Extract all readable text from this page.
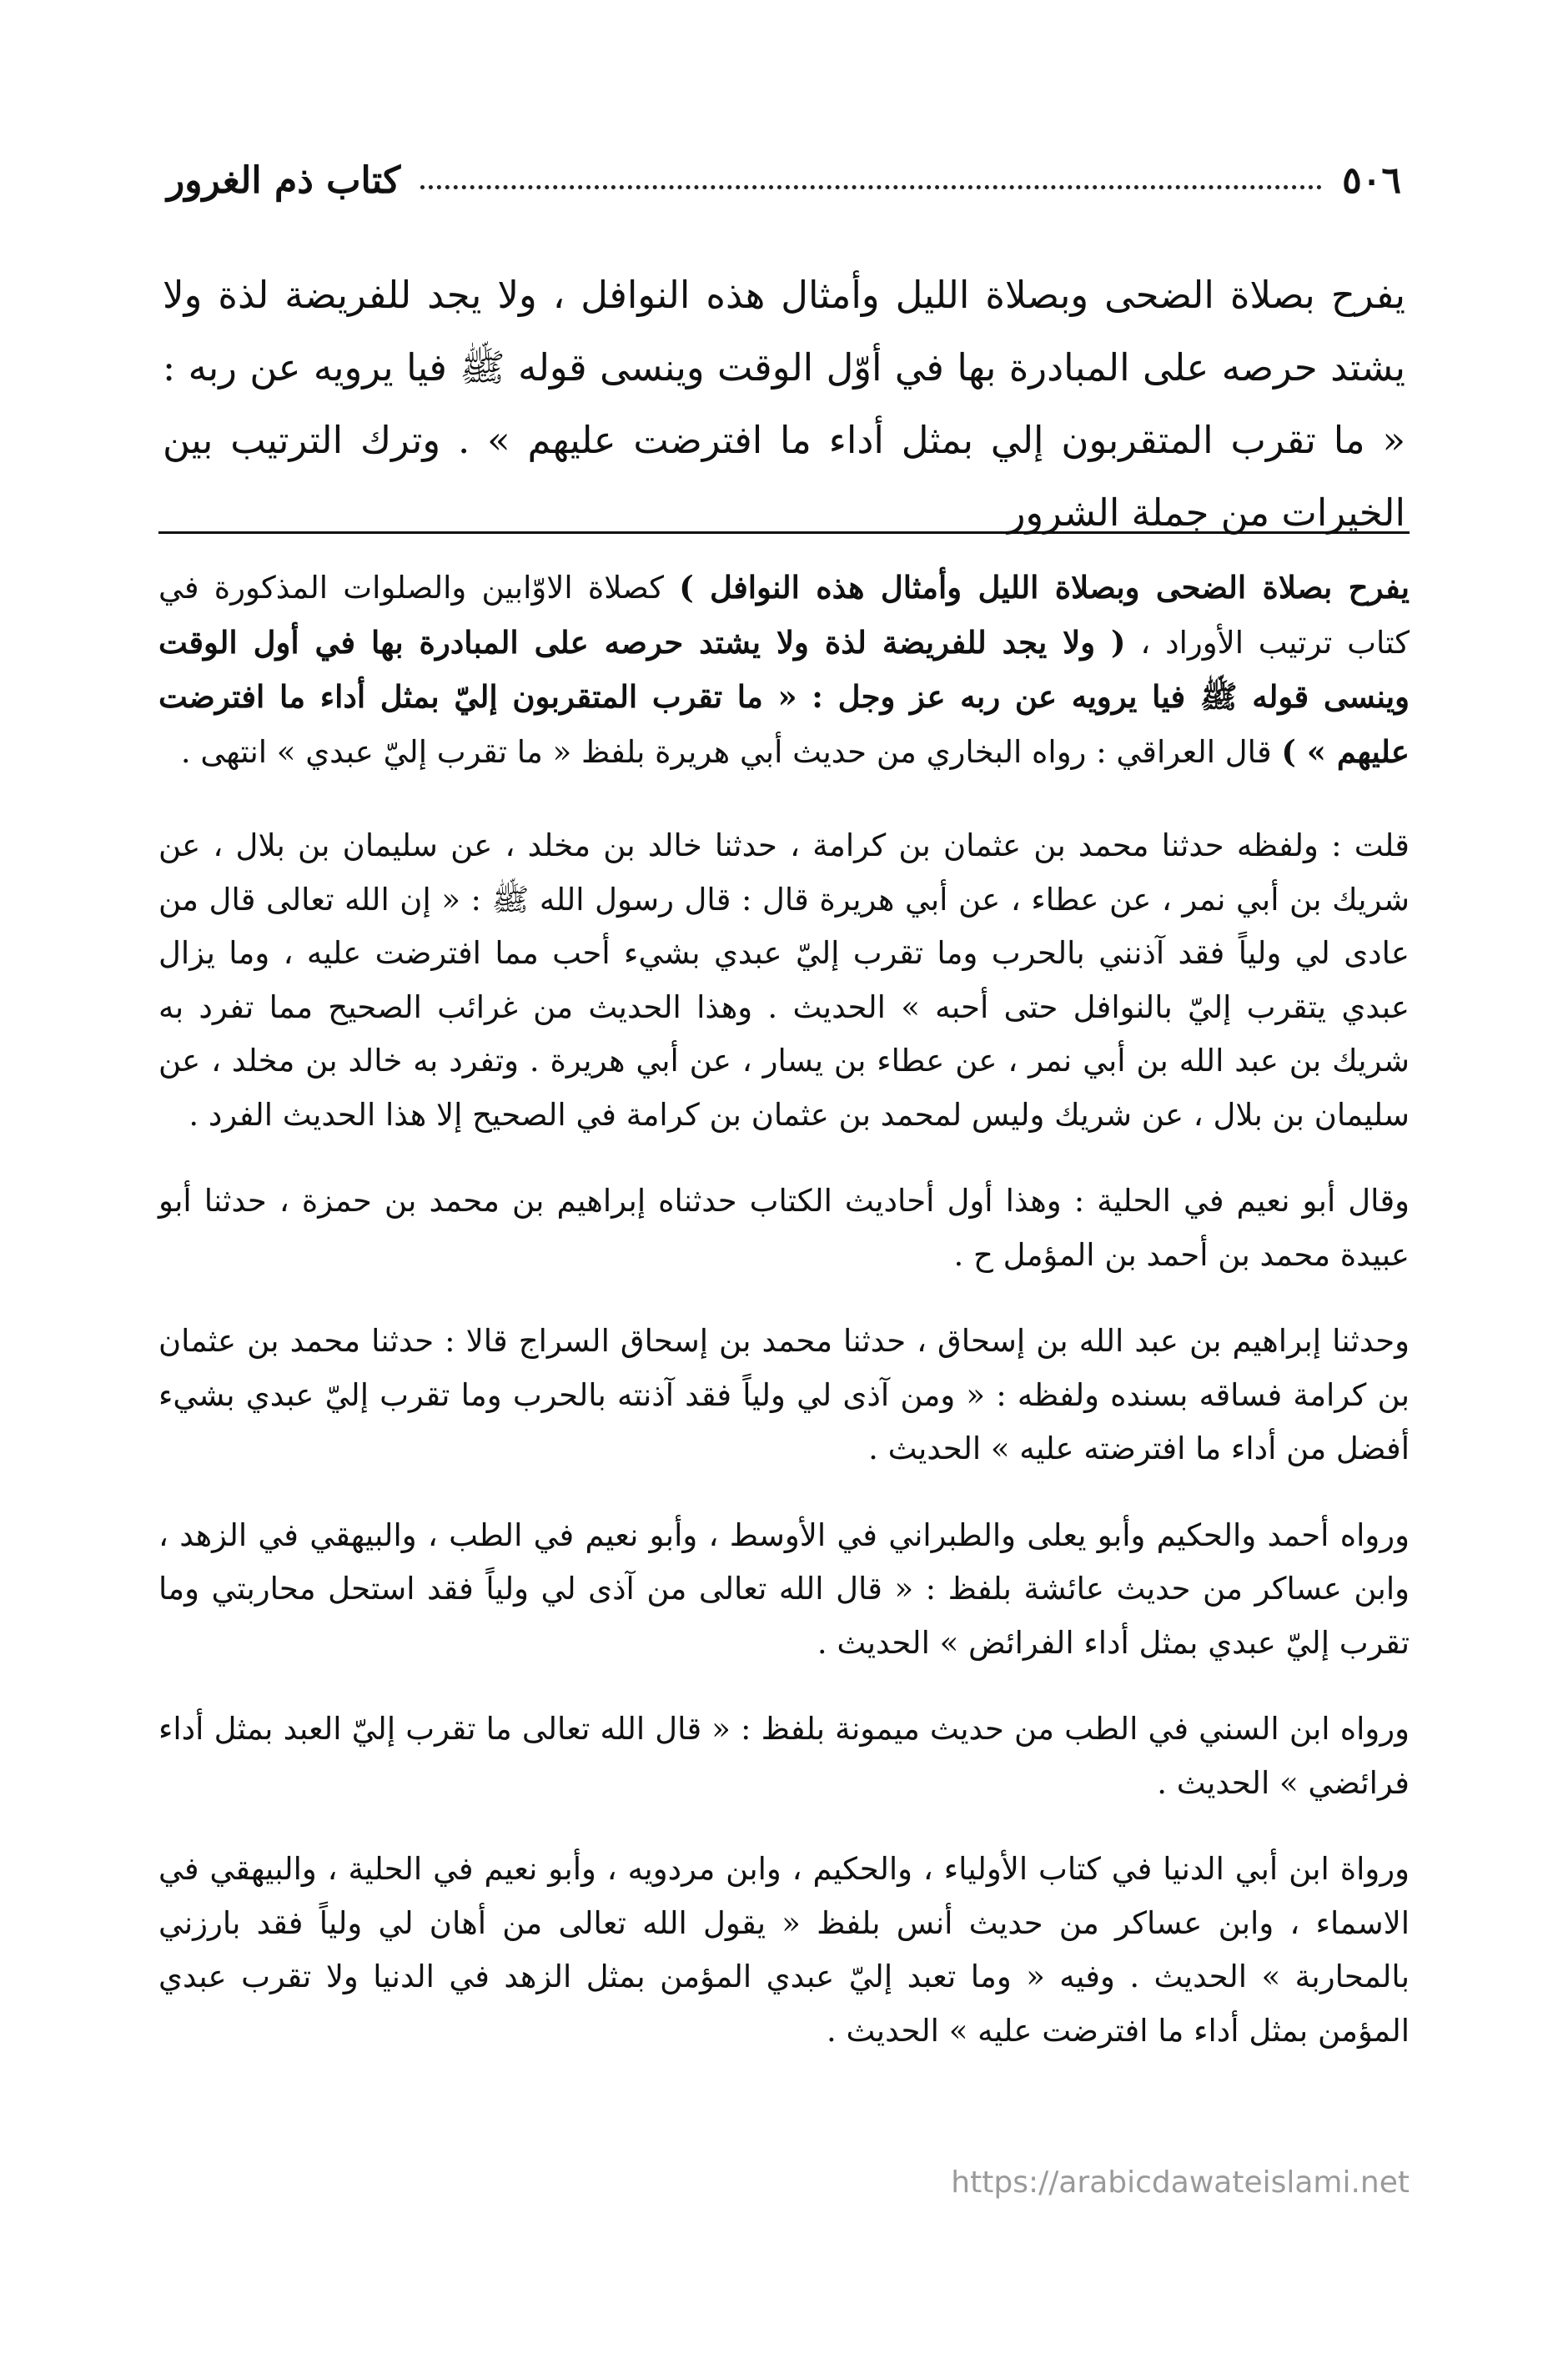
٥٠٦
كتاب ذم الغرور

يفرح بصلاة الضحى وبصلاة الليل وأمثال هذه النوافل ، ولا يجد للفريضة لذة ولا يشتد حرصه على المبادرة بها في أوّل الوقت وينسى قوله ﷺ فيا يرويه عن ربه : « ما تقرب المتقربون إلي بمثل أداء ما افترضت عليهم » . وترك الترتيب بين الخيرات من جملة الشرور

يفرح بصلاة الضحى وبصلاة الليل وأمثال هذه النوافل ) كصلاة الاوّابين والصلوات المذكورة في كتاب ترتيب الأوراد ، ( ولا يجد للفريضة لذة ولا يشتد حرصه على المبادرة بها في أول الوقت وينسى قوله ﷺ فيا يرويه عن ربه عز وجل : « ما تقرب المتقربون إليّ بمثل أداء ما افترضت عليهم » ) قال العراقي : رواه البخاري من حديث أبي هريرة بلفظ « ما تقرب إليّ عبدي » انتهى .

قلت : ولفظه حدثنا محمد بن عثمان بن كرامة ، حدثنا خالد بن مخلد ، عن سليمان بن بلال ، عن شريك بن أبي نمر ، عن عطاء ، عن أبي هريرة قال : قال رسول الله ﷺ : « إن الله تعالى قال من عادى لي ولياً فقد آذنني بالحرب وما تقرب إليّ عبدي بشيء أحب مما افترضت عليه ، وما يزال عبدي يتقرب إليّ بالنوافل حتى أحبه » الحديث . وهذا الحديث من غرائب الصحيح مما تفرد به شريك بن عبد الله بن أبي نمر ، عن عطاء بن يسار ، عن أبي هريرة . وتفرد به خالد بن مخلد ، عن سليمان بن بلال ، عن شريك وليس لمحمد بن عثمان بن كرامة في الصحيح إلا هذا الحديث الفرد .

وقال أبو نعيم في الحلية : وهذا أول أحاديث الكتاب حدثناه إبراهيم بن محمد بن حمزة ، حدثنا أبو عبيدة محمد بن أحمد بن المؤمل ح .

وحدثنا إبراهيم بن عبد الله بن إسحاق ، حدثنا محمد بن إسحاق السراج قالا : حدثنا محمد بن عثمان بن كرامة فساقه بسنده ولفظه : « ومن آذى لي ولياً فقد آذنته بالحرب وما تقرب إليّ عبدي بشيء أفضل من أداء ما افترضته عليه » الحديث .

ورواه أحمد والحكيم وأبو يعلى والطبراني في الأوسط ، وأبو نعيم في الطب ، والبيهقي في الزهد ، وابن عساكر من حديث عائشة بلفظ : « قال الله تعالى من آذى لي ولياً فقد استحل محاربتي وما تقرب إليّ عبدي بمثل أداء الفرائض » الحديث .

ورواه ابن السني في الطب من حديث ميمونة بلفظ : « قال الله تعالى ما تقرب إليّ العبد بمثل أداء فرائضي » الحديث .

ورواة ابن أبي الدنيا في كتاب الأولياء ، والحكيم ، وابن مردويه ، وأبو نعيم في الحلية ، والبيهقي في الاسماء ، وابن عساكر من حديث أنس بلفظ « يقول الله تعالى من أهان لي ولياً فقد بارزني بالمحاربة » الحديث . وفيه « وما تعبد إليّ عبدي المؤمن بمثل الزهد في الدنيا ولا تقرب عبدي المؤمن بمثل أداء ما افترضت عليه » الحديث .

https://arabicdawateislami.net
